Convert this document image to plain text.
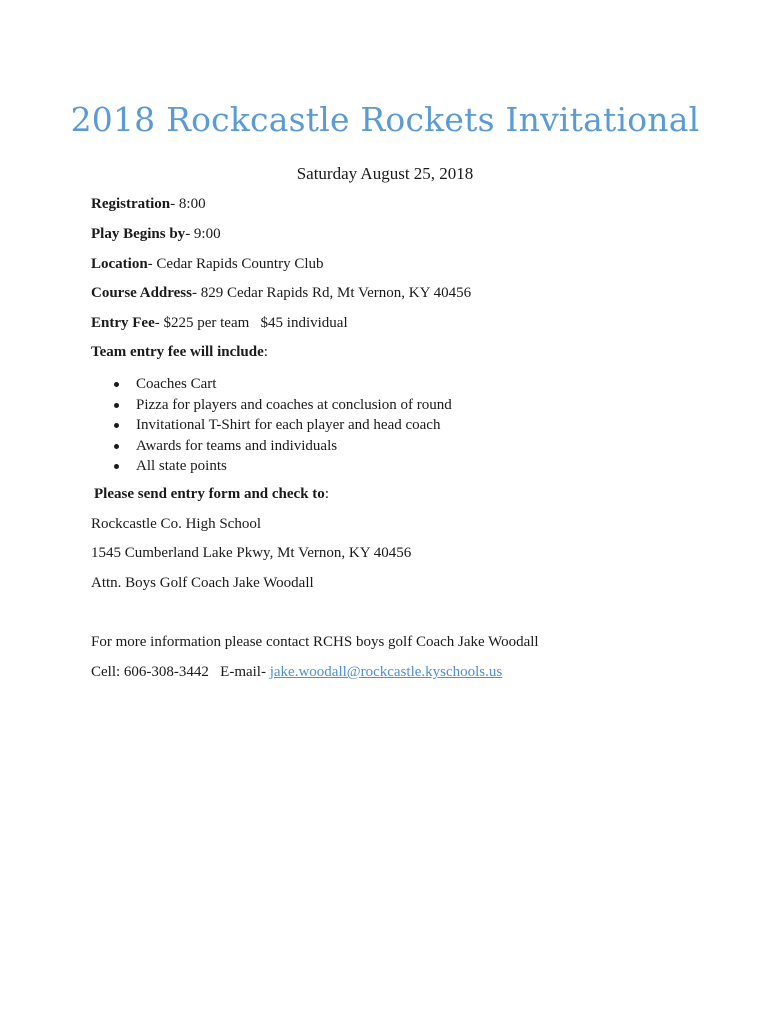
2018 Rockcastle Rockets Invitational
Saturday August 25, 2018
Registration- 8:00
Play Begins by- 9:00
Location- Cedar Rapids Country Club
Course Address- 829 Cedar Rapids Rd, Mt Vernon, KY 40456
Entry Fee- $225 per team   $45 individual
Team entry fee will include:
Coaches Cart
Pizza for players and coaches at conclusion of round
Invitational T-Shirt for each player and head coach
Awards for teams and individuals
All state points
Please send entry form and check to:
Rockcastle Co. High School
1545 Cumberland Lake Pkwy, Mt Vernon, KY 40456
Attn. Boys Golf Coach Jake Woodall
For more information please contact RCHS boys golf Coach Jake Woodall
Cell: 606-308-3442   E-mail- jake.woodall@rockcastle.kyschools.us
